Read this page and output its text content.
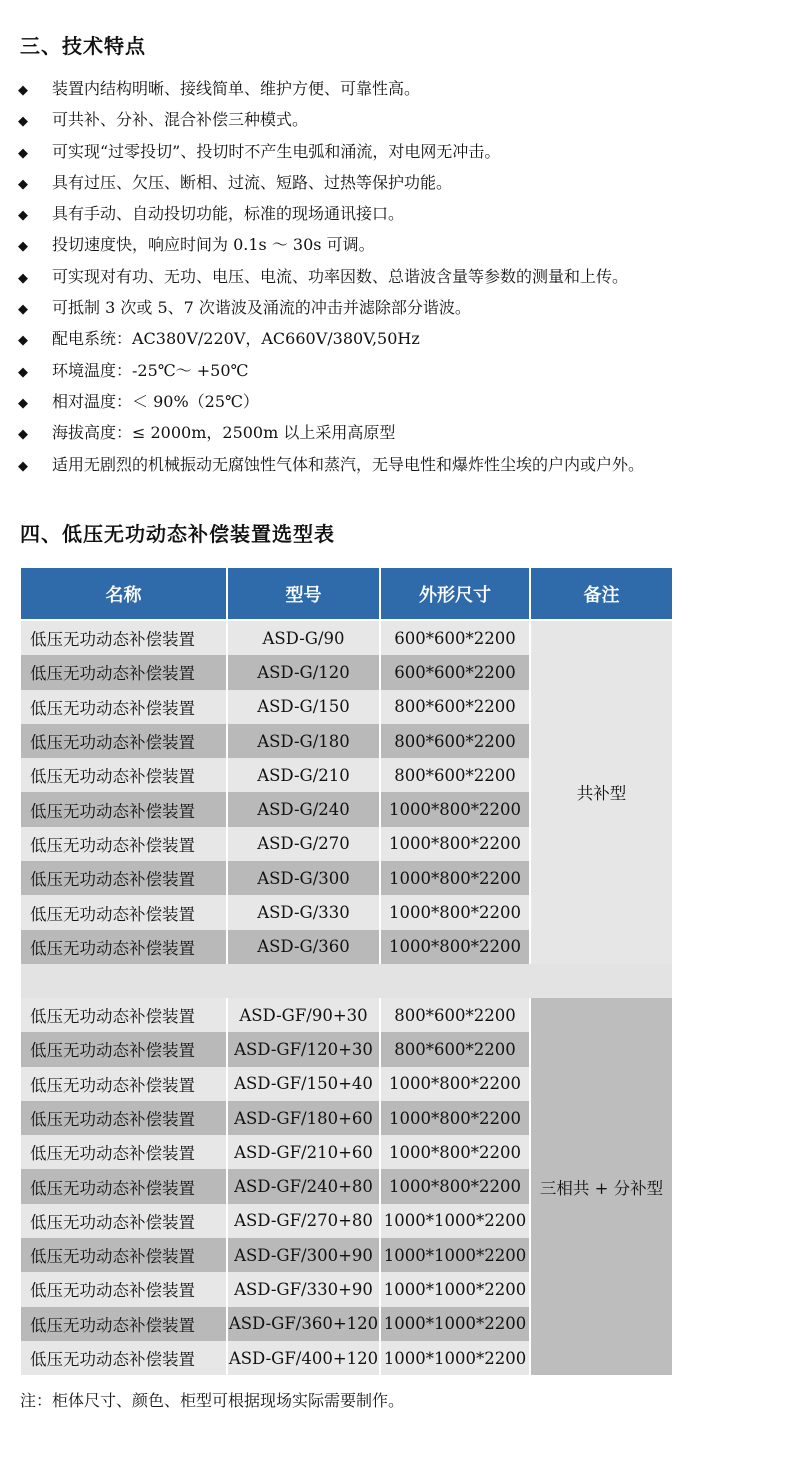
三、技术特点
◆ 装置内结构明晰、接线简单、维护方便、可靠性高。
◆ 可共补、分补、混合补偿三种模式。
◆ 可实现“过零投切”、投切时不产生电弧和涌流，对电网无冲击。
◆ 具有过压、欠压、断相、过流、短路、过热等保护功能。
◆ 具有手动、自动投切功能，标准的现场通讯接口。
◆ 投切速度快，响应时间为 0.1s ～ 30s 可调。
◆ 可实现对有功、无功、电压、电流、功率因数、总谐波含量等参数的测量和上传。
◆ 可抵制 3 次或 5、7 次谐波及涌流的冲击并滤除部分谐波。
◆ 配电系统：AC380V/220V，AC660V/380V,50Hz
◆ 环境温度：-25℃～ +50℃
◆ 相对温度：＜ 90%（25℃）
◆ 海拔高度：≤ 2000m，2500m 以上采用高原型
◆ 适用无剧烈的机械振动无腐蚀性气体和蒸汽，无导电性和爆炸性尘埃的户内或户外。
四、低压无功动态补偿装置选型表
名称	型号	外形尺寸	备注
低压无功动态补偿装置	ASD-G/90	600*600*2200	共补型
低压无功动态补偿装置	ASD-G/120	600*600*2200	
低压无功动态补偿装置	ASD-G/150	800*600*2200	
低压无功动态补偿装置	ASD-G/180	800*600*2200	
低压无功动态补偿装置	ASD-G/210	800*600*2200	
低压无功动态补偿装置	ASD-G/240	1000*800*2200	
低压无功动态补偿装置	ASD-G/270	1000*800*2200	
低压无功动态补偿装置	ASD-G/300	1000*800*2200	
低压无功动态补偿装置	ASD-G/330	1000*800*2200	
低压无功动态补偿装置	ASD-G/360	1000*800*2200	

低压无功动态补偿装置	ASD-GF/90+30	800*600*2200	三相共 + 分补型
低压无功动态补偿装置	ASD-GF/120+30	800*600*2200	
低压无功动态补偿装置	ASD-GF/150+40	1000*800*2200	
低压无功动态补偿装置	ASD-GF/180+60	1000*800*2200	
低压无功动态补偿装置	ASD-GF/210+60	1000*800*2200	
低压无功动态补偿装置	ASD-GF/240+80	1000*800*2200	
低压无功动态补偿装置	ASD-GF/270+80	1000*1000*2200	
低压无功动态补偿装置	ASD-GF/300+90	1000*1000*2200	
低压无功动态补偿装置	ASD-GF/330+90	1000*1000*2200	
低压无功动态补偿装置	ASD-GF/360+120	1000*1000*2200	
低压无功动态补偿装置	ASD-GF/400+120	1000*1000*2200	
注：柜体尺寸、颜色、柜型可根据现场实际需要制作。
